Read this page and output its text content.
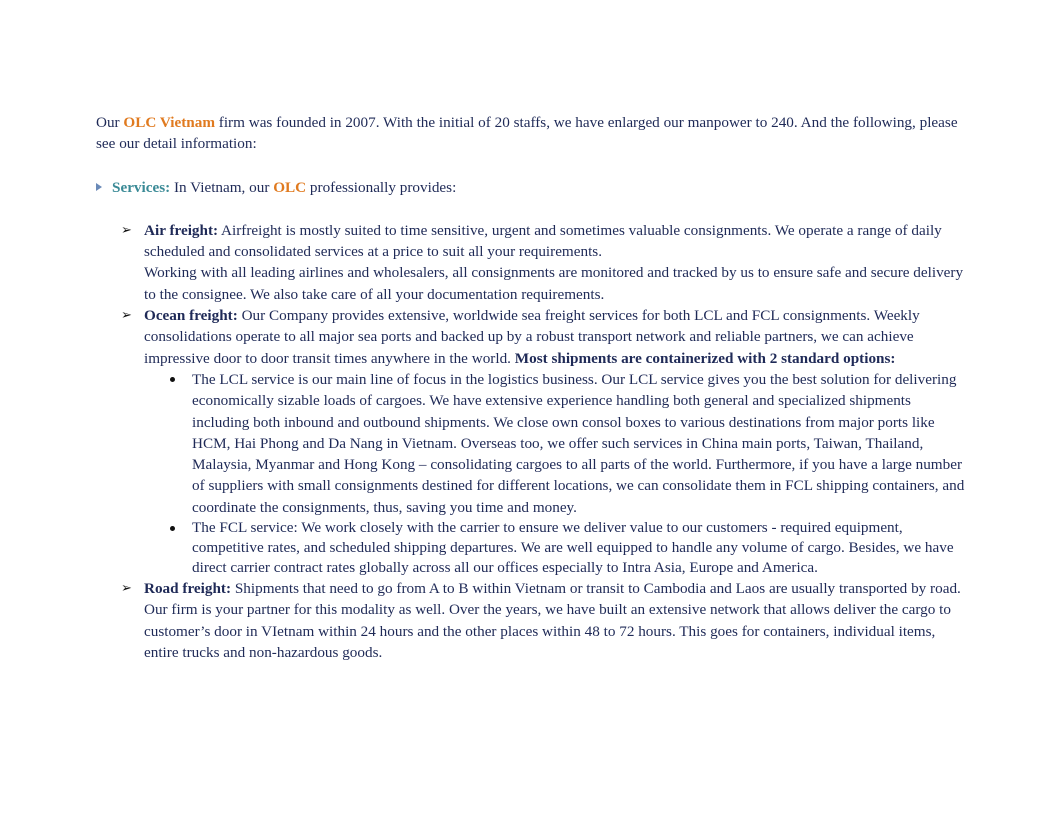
Our OLC Vietnam firm was founded in 2007. With the initial of 20 staffs, we have enlarged our manpower to 240. And the following, please see our detail information:

Services: In Vietnam, our OLC professionally provides:
➢ Air freight: Airfreight is mostly suited to time sensitive, urgent and sometimes valuable consignments. We operate a range of daily scheduled and consolidated services at a price to suit all your requirements.
Working with all leading airlines and wholesalers, all consignments are monitored and tracked by us to ensure safe and secure delivery to the consignee. We also take care of all your documentation requirements.
➢ Ocean freight: Our Company provides extensive, worldwide sea freight services for both LCL and FCL consignments. Weekly consolidations operate to all major sea ports and backed up by a robust transport network and reliable partners, we can achieve impressive door to door transit times anywhere in the world. Most shipments are containerized with 2 standard options:
The LCL service is our main line of focus in the logistics business. Our LCL service gives you the best solution for delivering economically sizable loads of cargoes. We have extensive experience handling both general and specialized shipments including both inbound and outbound shipments. We close own consol boxes to various destinations from major ports like HCM, Hai Phong and Da Nang in Vietnam. Overseas too, we offer such services in China main ports, Taiwan, Thailand, Malaysia, Myanmar and Hong Kong – consolidating cargoes to all parts of the world. Furthermore, if you have a large number of suppliers with small consignments destined for different locations, we can consolidate them in FCL shipping containers, and coordinate the consignments, thus, saving you time and money.
The FCL service: We work closely with the carrier to ensure we deliver value to our customers - required equipment, competitive rates, and scheduled shipping departures. We are well equipped to handle any volume of cargo. Besides, we have direct carrier contract rates globally across all our offices especially to Intra Asia, Europe and America.
➢ Road freight: Shipments that need to go from A to B within Vietnam or transit to Cambodia and Laos are usually transported by road. Our firm is your partner for this modality as well. Over the years, we have built an extensive network that allows deliver the cargo to customer’s door in VIetnam within 24 hours and the other places within 48 to 72 hours. This goes for containers, individual items, entire trucks and non-hazardous goods.
